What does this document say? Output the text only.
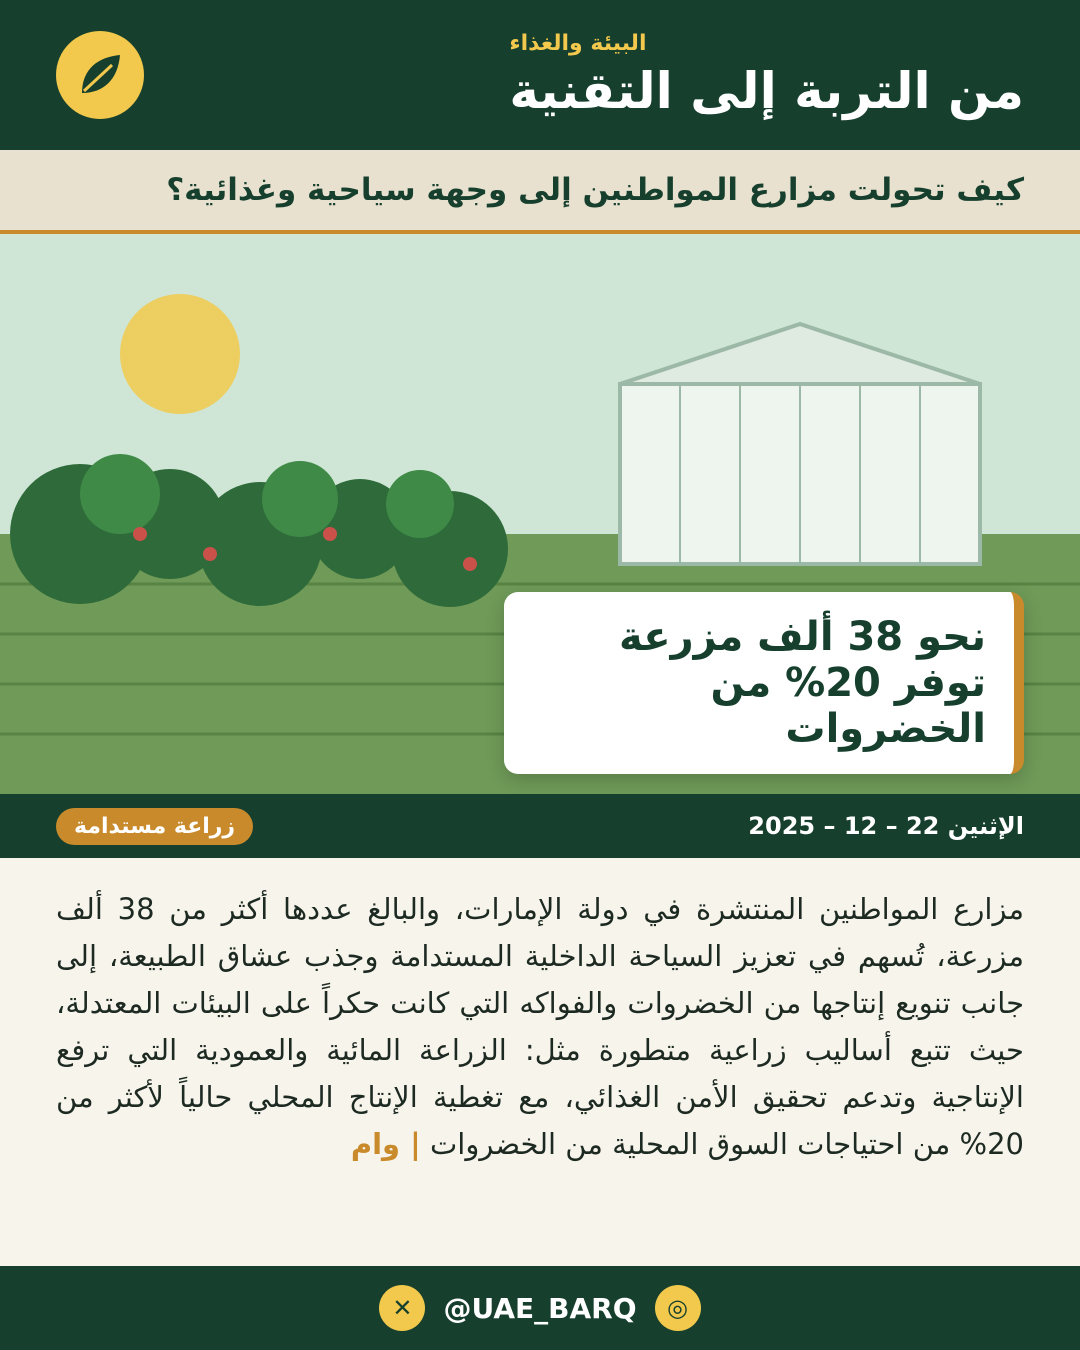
البيئة والغذاء
من التربة إلى التقنية
كيف تحولت مزارع المواطنين إلى وجهة سياحية وغذائية؟
نحو 38 ألف مزرعة توفر 20% من الخضروات
الإثنين 22 – 12 – 2025
زراعة مستدامة
مزارع المواطنين المنتشرة في دولة الإمارات، والبالغ عددها أكثر من 38 ألف مزرعة، تُسهم في تعزيز السياحة الداخلية المستدامة وجذب عشاق الطبيعة، إلى جانب تنويع إنتاجها من الخضروات والفواكه التي كانت حكراً على البيئات المعتدلة، حيث تتبع أساليب زراعية متطورة مثل: الزراعة المائية والعمودية التي ترفع الإنتاجية وتدعم تحقيق الأمن الغذائي، مع تغطية الإنتاج المحلي حالياً لأكثر من 20% من احتياجات السوق المحلية من الخضروات | وام
✕	@UAE_BARQ	◎
